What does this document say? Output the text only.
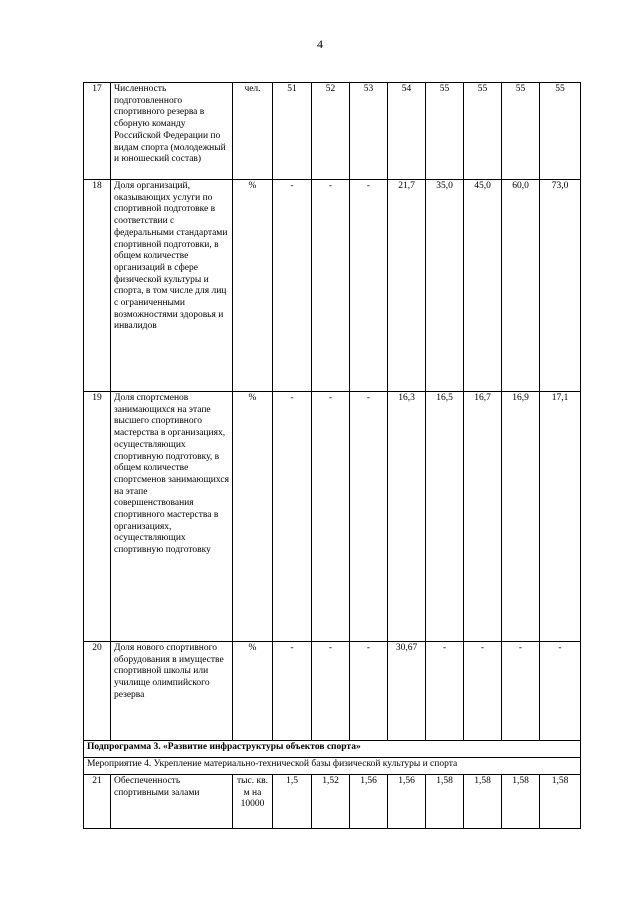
4
17	Численность подготовленного спортивного резерва в сборную команду Российской Федерации по видам спорта (молодежный и юношеский состав)	чел.	51	52	53	54	55	55	55	55
18	Доля организаций, оказывающих услуги по спортивной подготовке в соответствии с федеральными стандартами спортивной подготовки, в общем количестве организаций в сфере физической культуры и спорта, в том числе для лиц с ограниченными возможностями здоровья и инвалидов	%	-	-	-	21,7	35,0	45,0	60,0	73,0
19	Доля спортсменов занимающихся на этапе высшего спортивного мастерства в организациях, осуществляющих спортивную подготовку, в общем количестве спортсменов занимающихся на этапе совершенствования спортивного мастерства в организациях, осуществляющих спортивную подготовку	%	-	-	-	16,3	16,5	16,7	16,9	17,1
20	Доля нового спортивного оборудования в имуществе спортивной школы или училище олимпийского резерва	%	-	-	-	30,67	-	-	-	-
Подпрограмма 3. «Развитие инфраструктуры объектов спорта»										
Мероприятие 4. Укрепление материально-технической базы физической культуры и спорта										
21	Обеспеченность спортивными залами	тыс. кв. м на 10000	1,5	1,52	1,56	1,56	1,58	1,58	1,58	1,58
